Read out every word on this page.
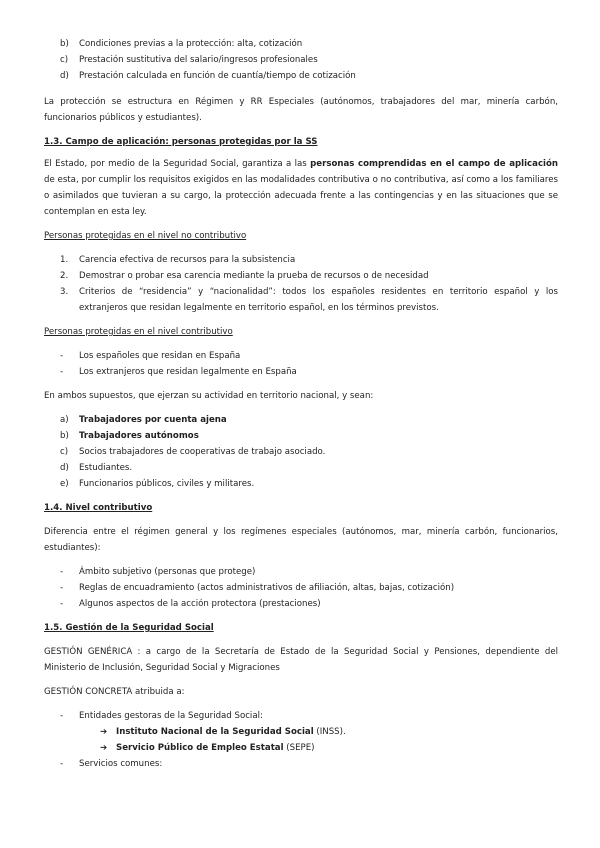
b) Condiciones previas a la protección: alta, cotización
c) Prestación sustitutiva del salario/ingresos profesionales
d) Prestación calculada en función de cuantía/tiempo de cotización
La protección se estructura en Régimen y RR Especiales (autónomos, trabajadores del mar, minería carbón, funcionarios públicos y estudiantes).
1.3. Campo de aplicación: personas protegidas por la SS
El Estado, por medio de la Seguridad Social, garantiza a las personas comprendidas en el campo de aplicación de esta, por cumplir los requisitos exigidos en las modalidades contributiva o no contributiva, así como a los familiares o asimilados que tuvieran a su cargo, la protección adecuada frente a las contingencias y en las situaciones que se contemplan en esta ley.
Personas protegidas en el nivel no contributivo
1. Carencia efectiva de recursos para la subsistencia
2. Demostrar o probar esa carencia mediante la prueba de recursos o de necesidad
3. Criterios de “residencia” y “nacionalidad”: todos los españoles residentes en territorio español y los extranjeros que residan legalmente en territorio español, en los términos previstos.
Personas protegidas en el nivel contributivo
- Los españoles que residan en España
- Los extranjeros que residan legalmente en España
En ambos supuestos, que ejerzan su actividad en territorio nacional, y sean:
a) Trabajadores por cuenta ajena
b) Trabajadores autónomos
c) Socios trabajadores de cooperativas de trabajo asociado.
d) Estudiantes.
e) Funcionarios públicos, civiles y militares.
1.4. Nivel contributivo
Diferencia entre el régimen general y los regímenes especiales (autónomos, mar, minería carbón, funcionarios, estudiantes):
- Ámbito subjetivo (personas que protege)
- Reglas de encuadramiento (actos administrativos de afiliación, altas, bajas, cotización)
- Algunos aspectos de la acción protectora (prestaciones)
1.5. Gestión de la Seguridad Social
GESTIÓN GENÉRICA : a cargo de la Secretaría de Estado de la Seguridad Social y Pensiones, dependiente del Ministerio de Inclusión, Seguridad Social y Migraciones
GESTIÓN CONCRETA atribuida a:
- Entidades gestoras de la Seguridad Social:
➔ Instituto Nacional de la Seguridad Social (INSS).
➔ Servicio Público de Empleo Estatal (SEPE)
- Servicios comunes:
